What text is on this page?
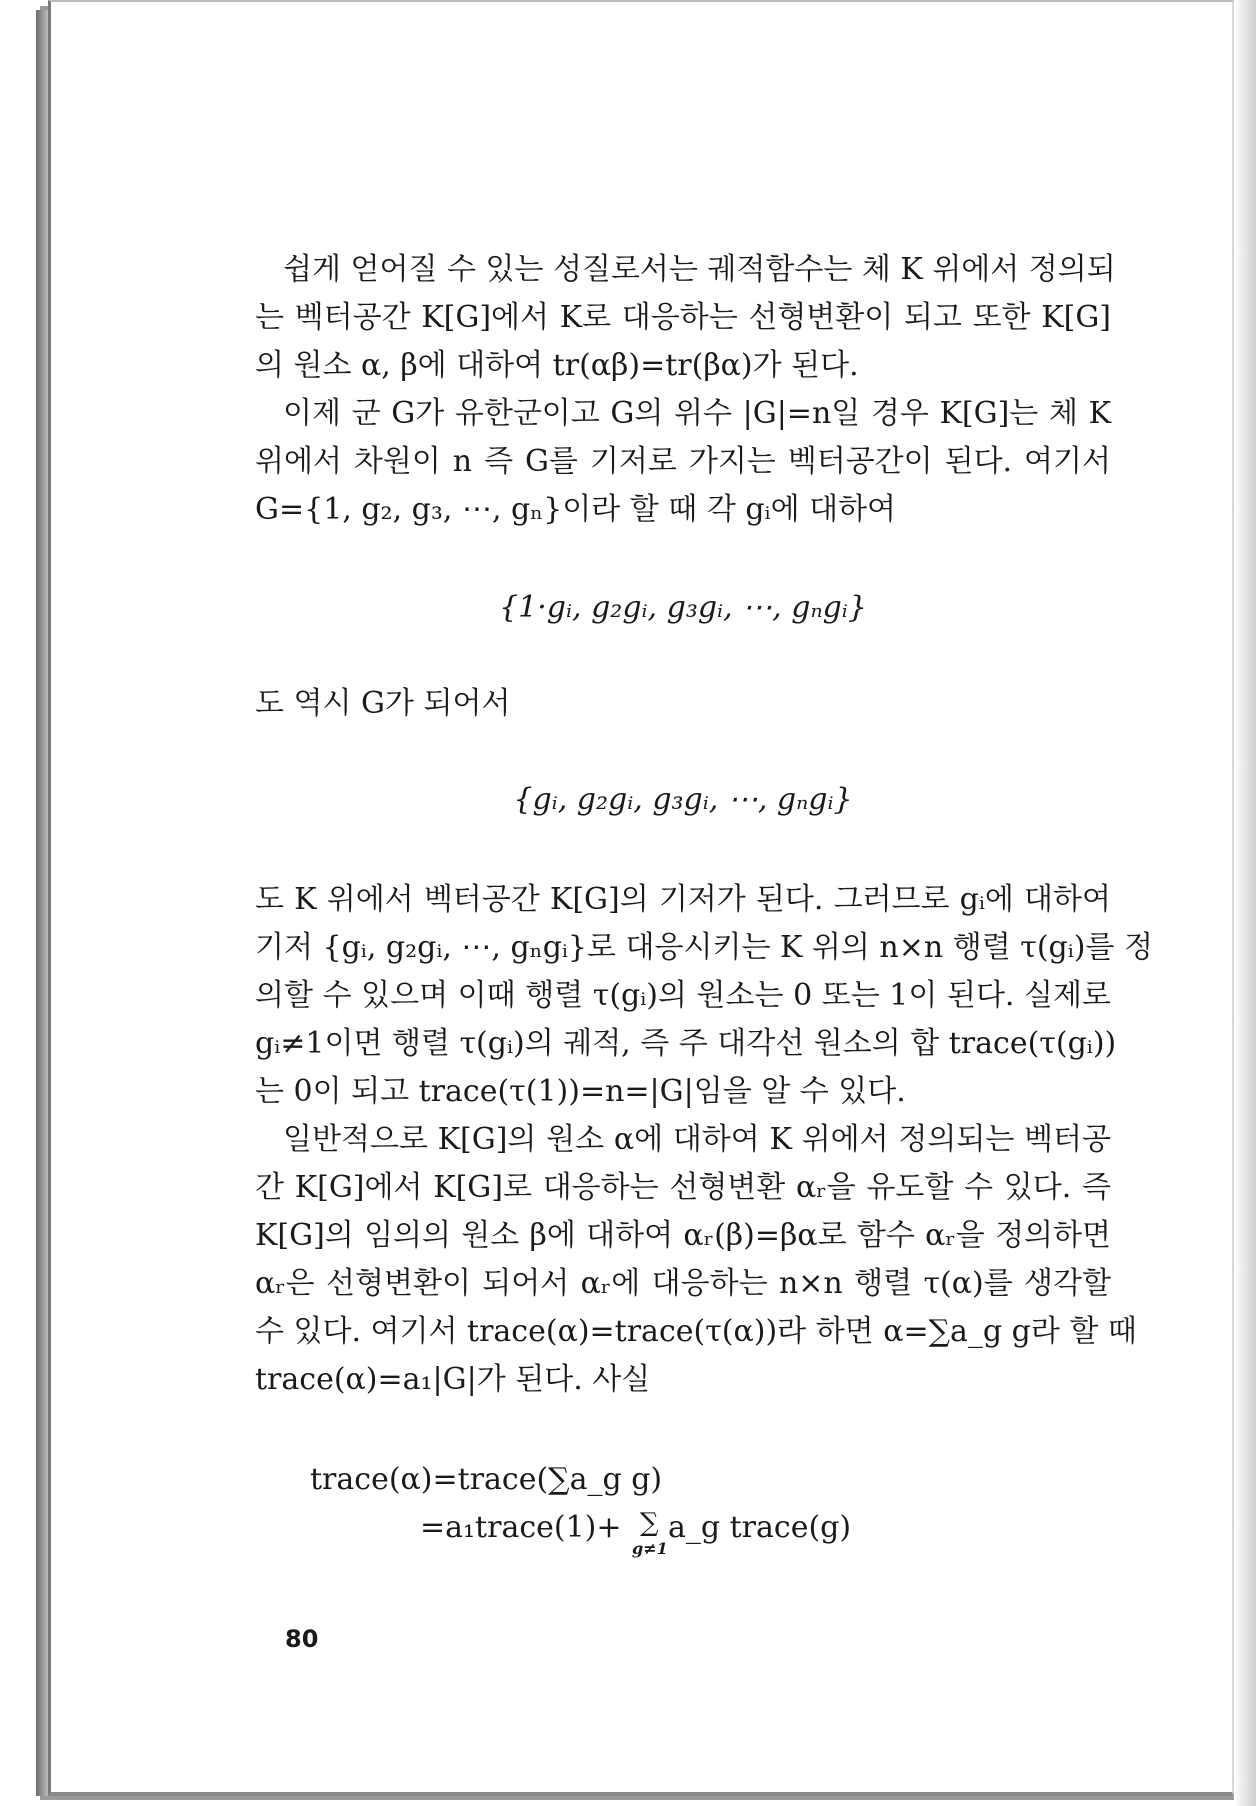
쉽게 얻어질 수 있는 성질로서는 궤적함수는 체 K 위에서 정의되
는 벡터공간 K[G]에서 K로 대응하는 선형변환이 되고 또한 K[G]
의 원소 α, β에 대하여 tr(αβ)=tr(βα)가 된다.
이제 군 G가 유한군이고 G의 위수 |G|=n일 경우 K[G]는 체 K
위에서 차원이 n 즉 G를 기저로 가지는 벡터공간이 된다. 여기서
G={1, g₂, g₃, ⋯, gₙ}이라 할 때 각 gᵢ에 대하여
{1·gᵢ, g₂gᵢ, g₃gᵢ, ⋯, gₙgᵢ}
도 역시 G가 되어서
{gᵢ, g₂gᵢ, g₃gᵢ, ⋯, gₙgᵢ}
도 K 위에서 벡터공간 K[G]의 기저가 된다. 그러므로 gᵢ에 대하여
기저 {gᵢ, g₂gᵢ, ⋯, gₙgᵢ}로 대응시키는 K 위의 n×n 행렬 τ(gᵢ)를 정
의할 수 있으며 이때 행렬 τ(gᵢ)의 원소는 0 또는 1이 된다. 실제로
gᵢ≠1이면 행렬 τ(gᵢ)의 궤적, 즉 주 대각선 원소의 합 trace(τ(gᵢ))
는 0이 되고 trace(τ(1))=n=|G|임을 알 수 있다.
일반적으로 K[G]의 원소 α에 대하여 K 위에서 정의되는 벡터공
간 K[G]에서 K[G]로 대응하는 선형변환 αᵣ을 유도할 수 있다. 즉
K[G]의 임의의 원소 β에 대하여 αᵣ(β)=βα로 함수 αᵣ을 정의하면
αᵣ은 선형변환이 되어서 αᵣ에 대응하는 n×n 행렬 τ(α)를 생각할
수 있다. 여기서 trace(α)=trace(τ(α))라 하면 α=∑a_g g라 할 때
trace(α)=a₁|G|가 된다. 사실
trace(α)=trace(∑a_g g)
=a₁trace(1)+ ∑
g≠1
a_g trace(g)
80
